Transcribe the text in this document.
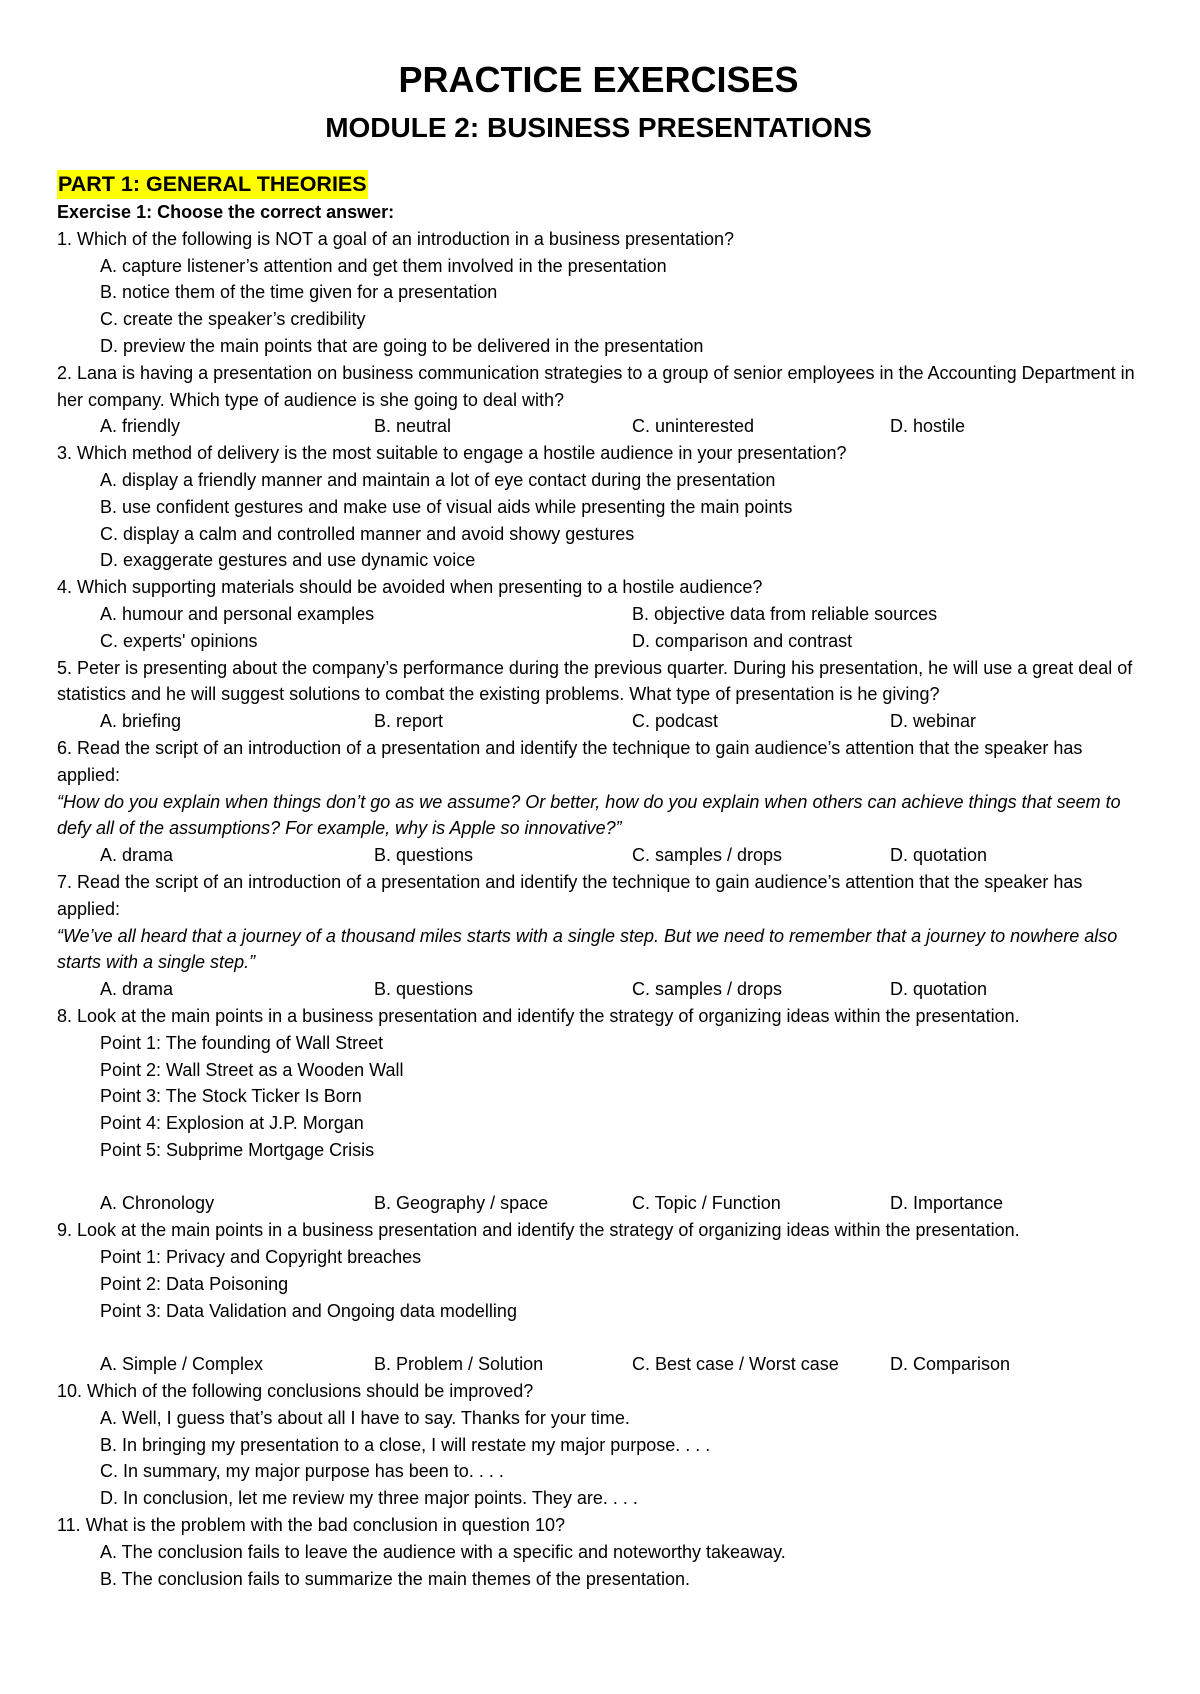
PRACTICE EXERCISES
MODULE 2: BUSINESS PRESENTATIONS
PART 1: GENERAL THEORIES
Exercise 1: Choose the correct answer:
1. Which of the following is NOT a goal of an introduction in a business presentation?
A. capture listener’s attention and get them involved in the presentation
B. notice them of the time given for a presentation
C. create the speaker’s credibility
D. preview the main points that are going to be delivered in the presentation
2. Lana is having a presentation on business communication strategies to a group of senior employees in the Accounting Department in her company. Which type of audience is she going to deal with?
A. friendly	B. neutral	C. uninterested	D. hostile
3. Which method of delivery is the most suitable to engage a hostile audience in your presentation?
A. display a friendly manner and maintain a lot of eye contact during the presentation
B. use confident gestures and make use of visual aids while presenting the main points
C. display a calm and controlled manner and avoid showy gestures
D. exaggerate gestures and use dynamic voice
4. Which supporting materials should be avoided when presenting to a hostile audience?
A. humour and personal examples	B. objective data from reliable sources
C. experts' opinions	D. comparison and contrast
5. Peter is presenting about the company’s performance during the previous quarter. During his presentation, he will use a great deal of statistics and he will suggest solutions to combat the existing problems. What type of presentation is he giving?
A. briefing	B. report	C. podcast	D. webinar
6. Read the script of an introduction of a presentation and identify the technique to gain audience’s attention that the speaker has applied:
“How do you explain when things don’t go as we assume? Or better, how do you explain when others can achieve things that seem to defy all of the assumptions? For example, why is Apple so innovative?”
A. drama	B. questions	C. samples / drops	D. quotation
7. Read the script of an introduction of a presentation and identify the technique to gain audience’s attention that the speaker has applied:
“We’ve all heard that a journey of a thousand miles starts with a single step. But we need to remember that a journey to nowhere also starts with a single step.”
A. drama	B. questions	C. samples / drops	D. quotation
8. Look at the main points in a business presentation and identify the strategy of organizing ideas within the presentation.
Point 1: The founding of Wall Street
Point 2: Wall Street as a Wooden Wall
Point 3: The Stock Ticker Is Born
Point 4: Explosion at J.P. Morgan
Point 5: Subprime Mortgage Crisis
A. Chronology	B. Geography / space	C. Topic / Function	D. Importance
9. Look at the main points in a business presentation and identify the strategy of organizing ideas within the presentation.
Point 1: Privacy and Copyright breaches
Point 2: Data Poisoning
Point 3: Data Validation and Ongoing data modelling
A. Simple / Complex	B. Problem / Solution	C. Best case / Worst case	D. Comparison
10. Which of the following conclusions should be improved?
A. Well, I guess that’s about all I have to say. Thanks for your time.
B. In bringing my presentation to a close, I will restate my major purpose. . . .
C. In summary, my major purpose has been to. . . .
D. In conclusion, let me review my three major points. They are. . . .
11. What is the problem with the bad conclusion in question 10?
A. The conclusion fails to leave the audience with a specific and noteworthy takeaway.
B. The conclusion fails to summarize the main themes of the presentation.
